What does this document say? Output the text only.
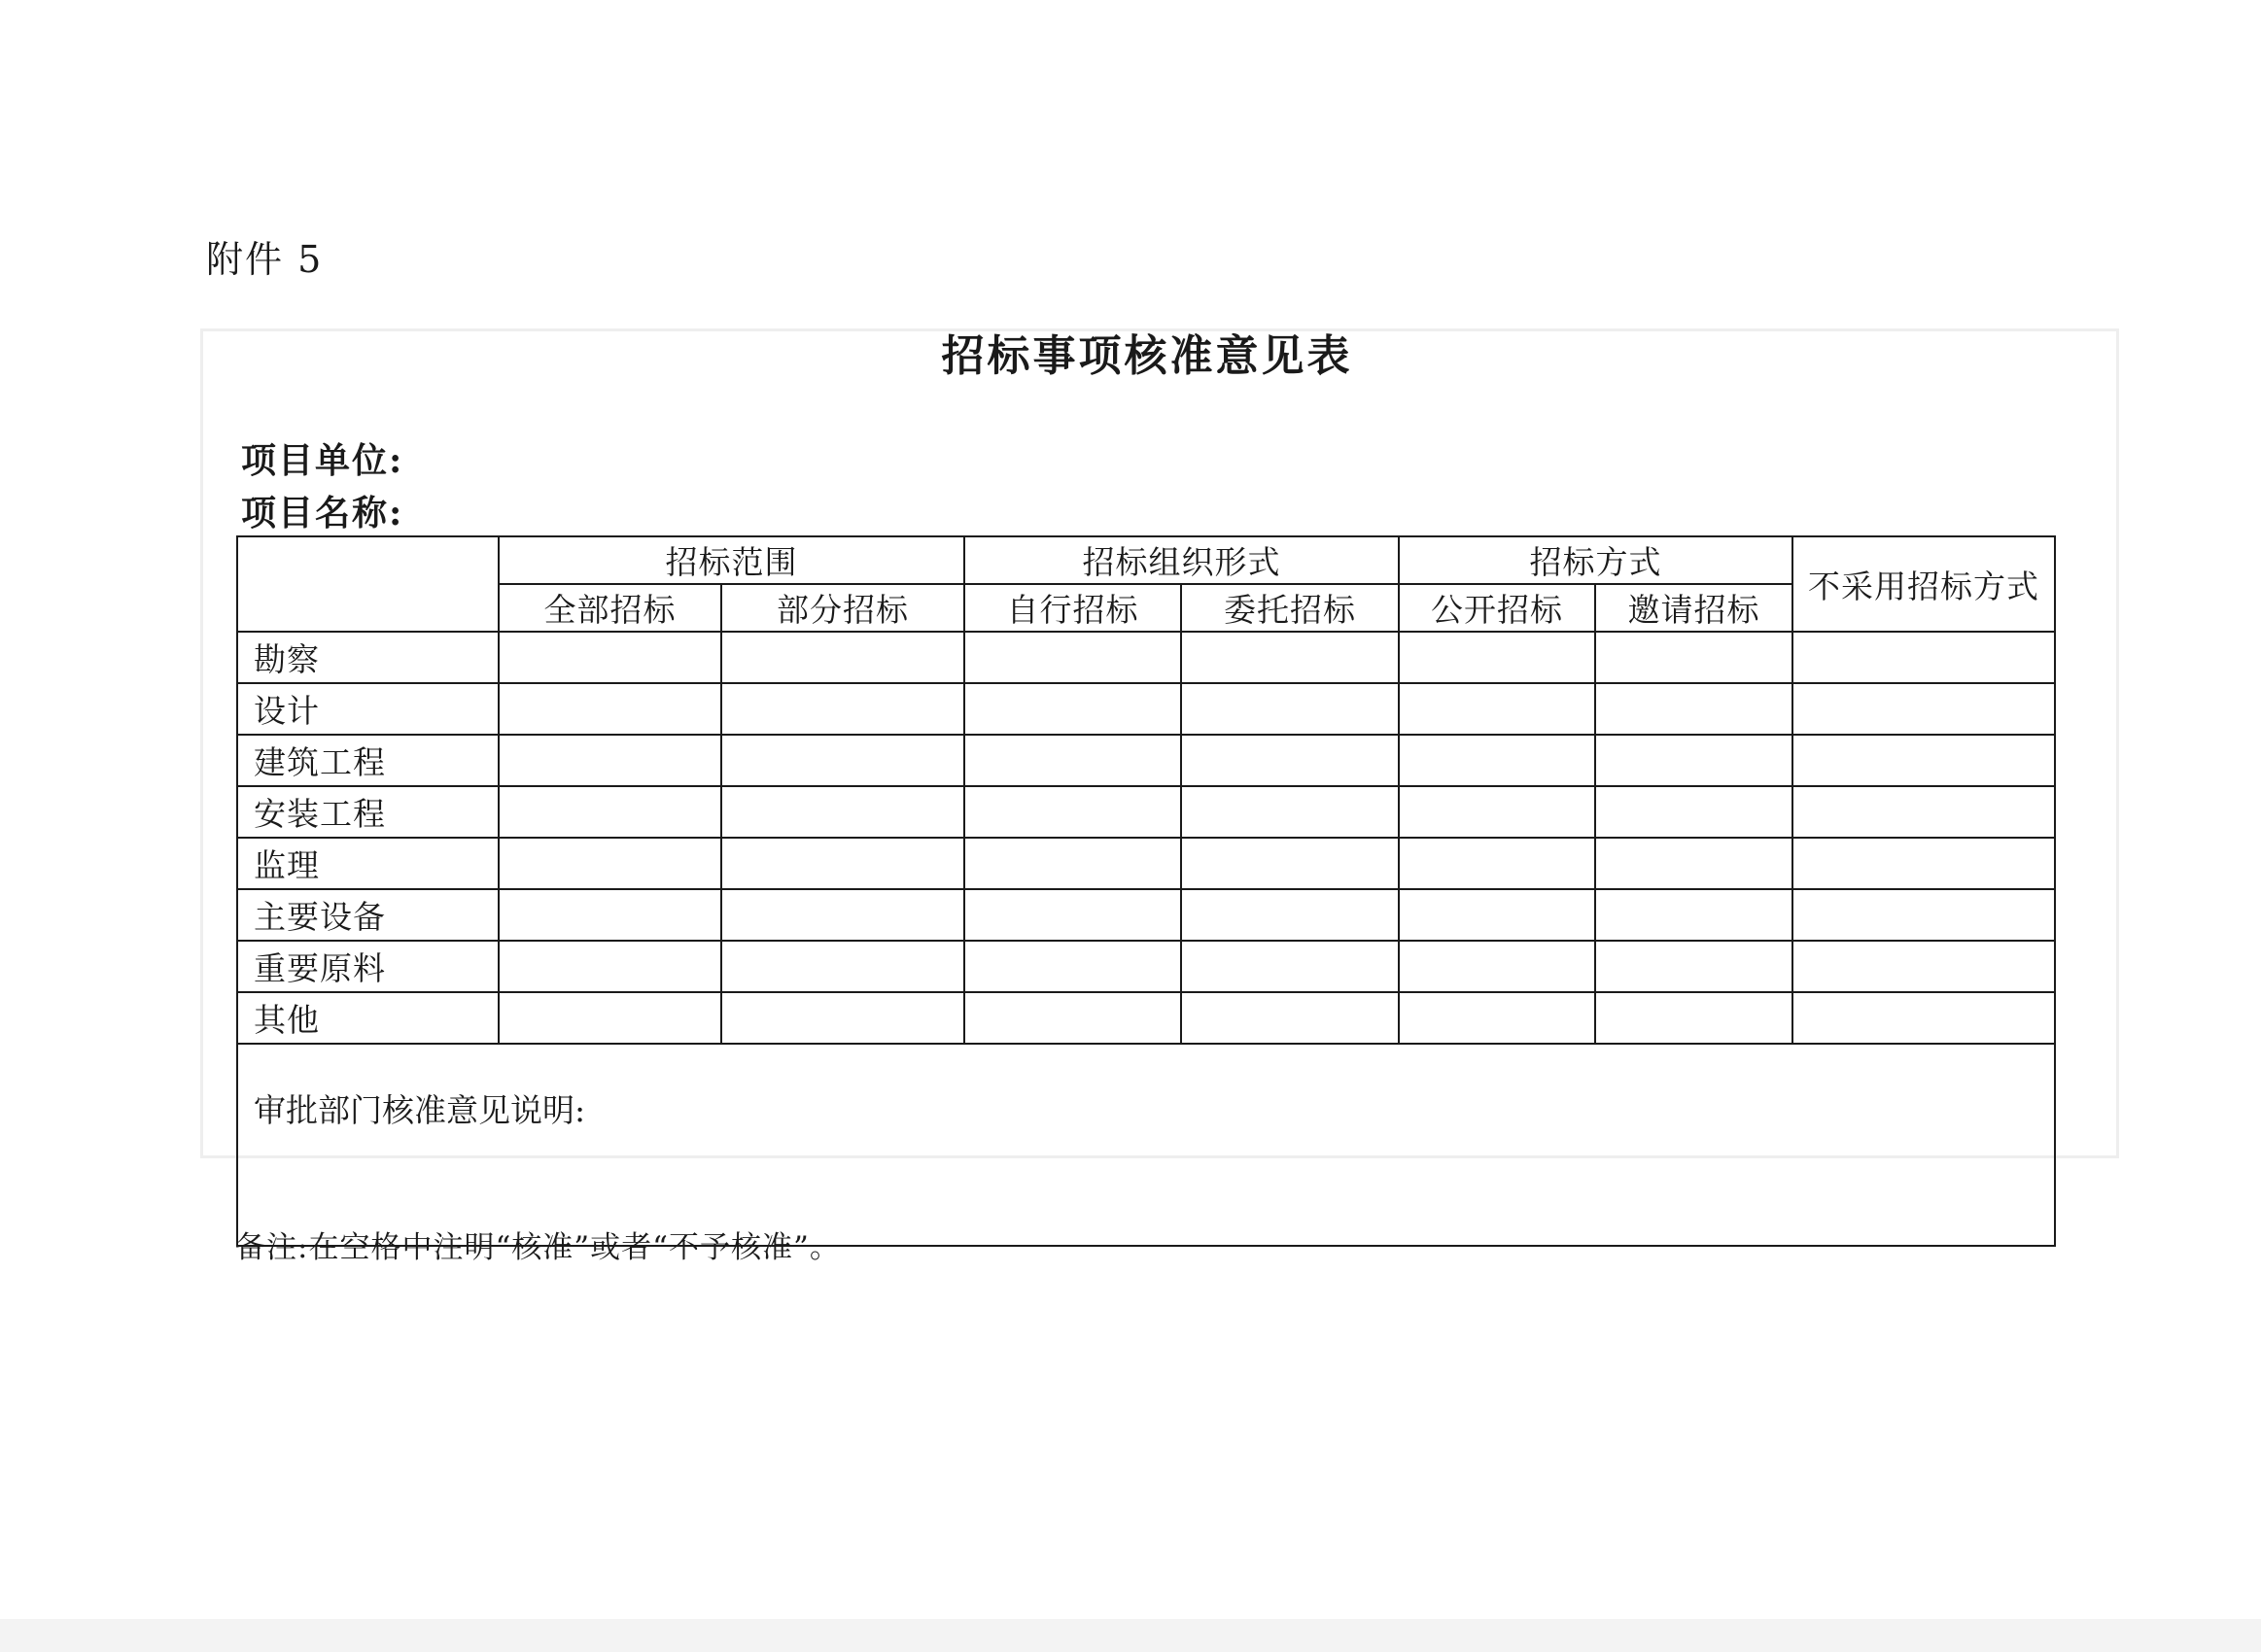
附件 5
招标事项核准意见表
项目单位:
项目名称:
	招标范围		招标组织形式		招标方式		不采用招标方式
	全部招标	部分招标	自行招标	委托招标	公开招标	邀请招标	

勘察							
设计							
建筑工程							
安装工程							
监理							
主要设备							
重要原料							
其他							
审批部门核准意见说明:							
备注:在空格中注明“核准”或者“不予核准”。
